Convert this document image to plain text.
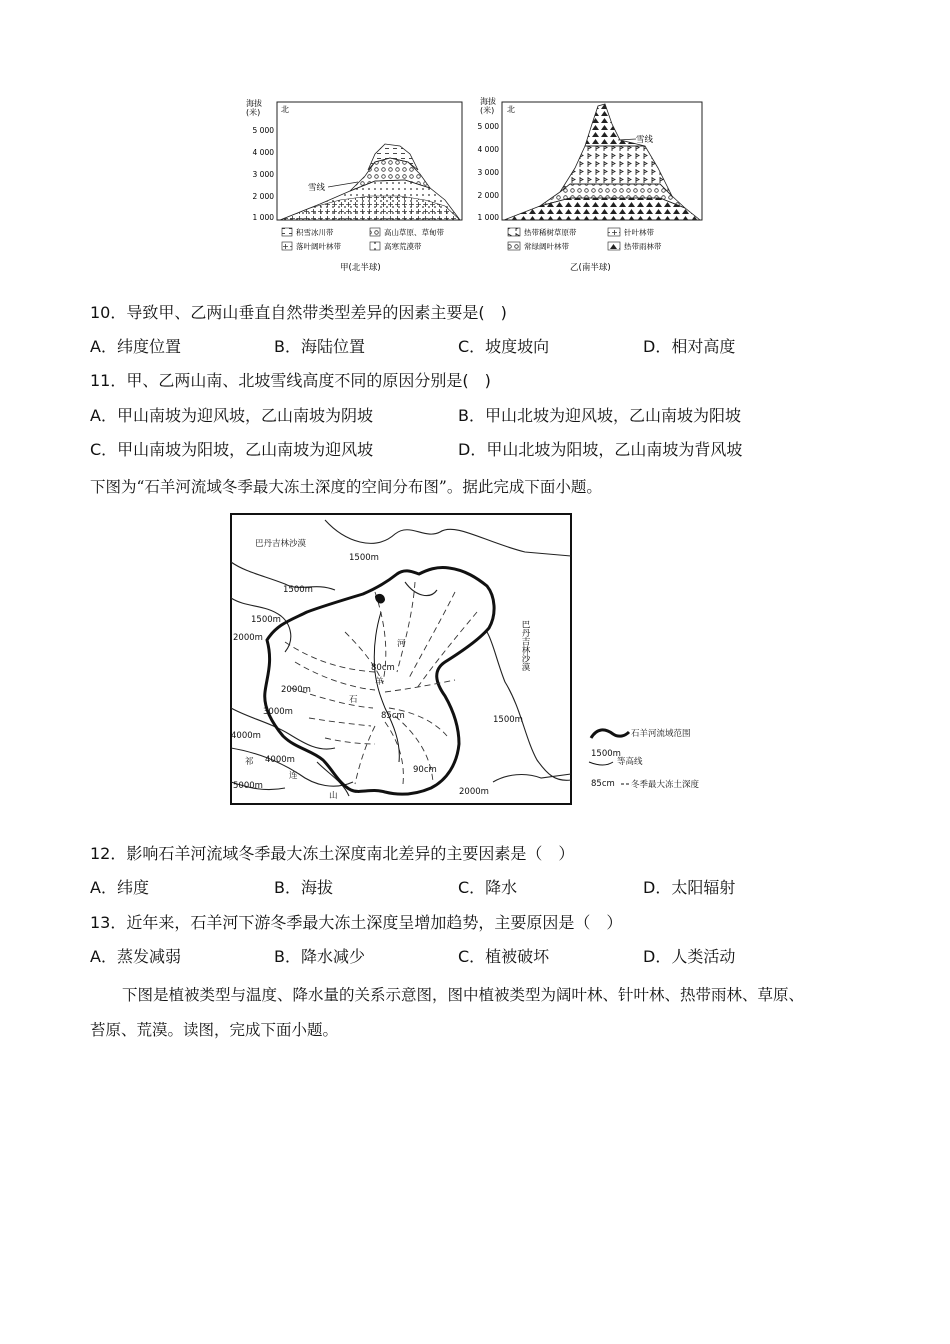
海拔(米)	北
5 000
4 000
3 000
2 000
1 000
雪线
积雪冰川带	高山草原、草甸带
落叶阔叶林带	高寒荒漠带
甲(北半球)
海拔(米) 北
5 000
4 000
3 000
2 000
1 000
雪线
热带稀树草原带	针叶林带
常绿阔叶林带	热带雨林带
乙(南半球)
10．导致甲、乙两山垂直自然带类型差异的因素主要是(　)
A．纬度位置	B．海陆位置	C．坡度坡向	D．相对高度
11．甲、乙两山南、北坡雪线高度不同的原因分别是(　)
A．甲山南坡为迎风坡，乙山南坡为阴坡	B．甲山北坡为迎风坡，乙山南坡为阳坡
C．甲山南坡为阳坡，乙山南坡为迎风坡	D．甲山北坡为阳坡，乙山南坡为背风坡
下图为“石羊河流域冬季最大冻土深度的空间分布图”。据此完成下面小题。
巴丹吉林沙漠
1500m
1500m
1500m
2000m
3000m
4000m
4000m
5000m
2000m
1500m
2000m
河
羊
石
80cm
85cm
90cm
祁
连
山
巴丹吉林沙漠
石羊河流域范围
1500m
等高线
85cm 冬季最大冻土深度
12．影响石羊河流域冬季最大冻土深度南北差异的主要因素是（　）
A．纬度	B．海拔	C．降水	D．太阳辐射
13．近年来，石羊河下游冬季最大冻土深度呈增加趋势，主要原因是（　）
A．蒸发减弱	B．降水减少	C．植被破坏	D．人类活动
下图是植被类型与温度、降水量的关系示意图，图中植被类型为阔叶林、针叶林、热带雨林、草原、
苔原、荒漠。读图，完成下面小题。
